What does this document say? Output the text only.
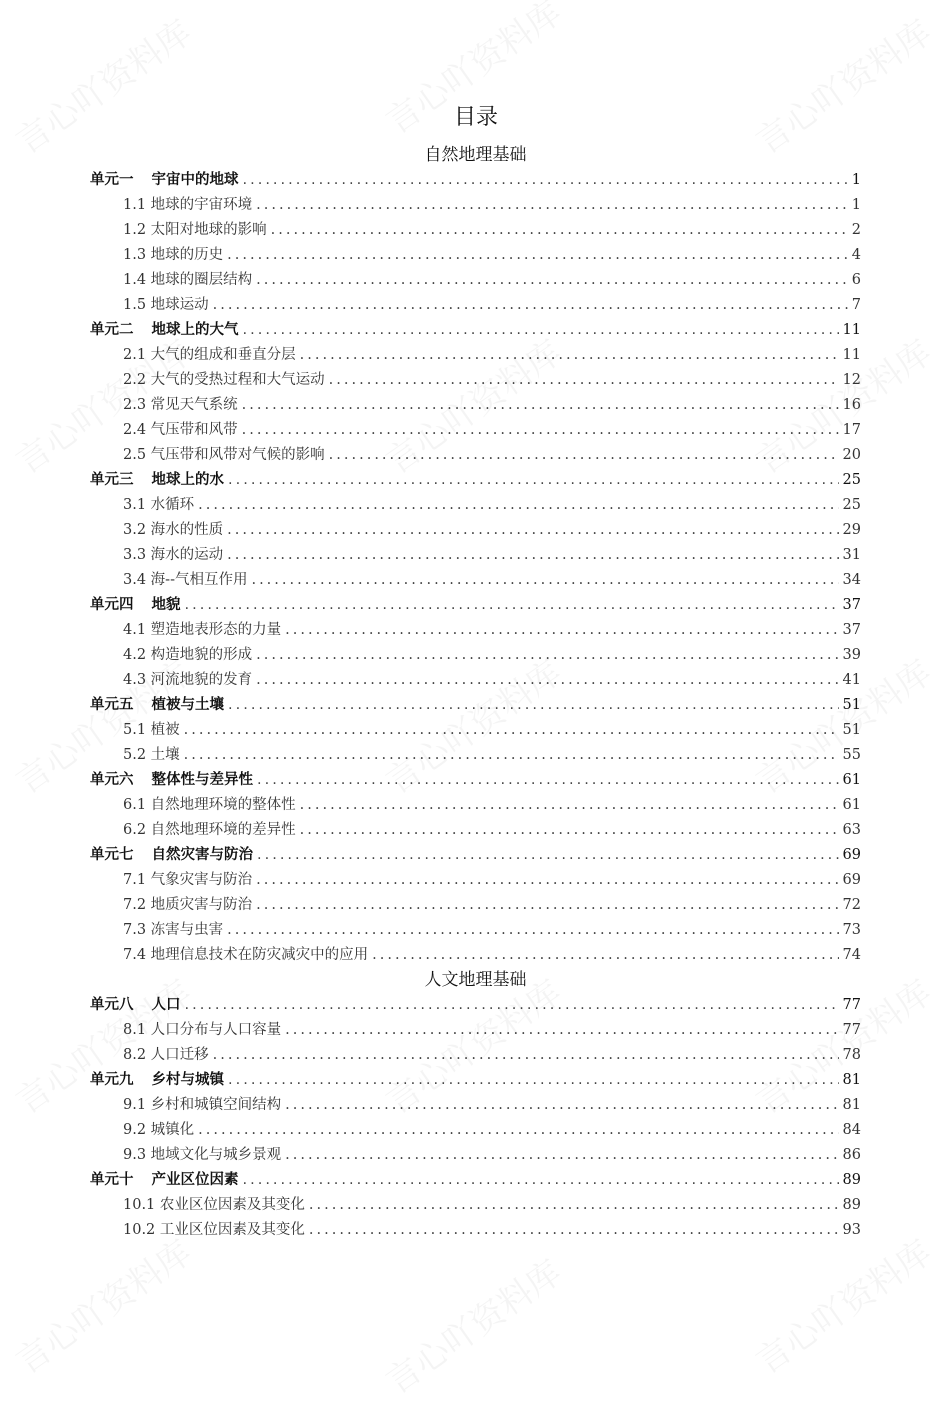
目录
自然地理基础
单元一 宇宙中的地球 .....	1
1.1 地球的宇宙环境 .....	1
1.2 太阳对地球的影响 .....	2
1.3 地球的历史 .....	4
1.4 地球的圈层结构 .....	6
1.5 地球运动 .....	7
单元二 地球上的大气 .....	11
2.1 大气的组成和垂直分层 .....	11
2.2 大气的受热过程和大气运动 .....	12
2.3 常见天气系统 .....	16
2.4 气压带和风带 .....	17
2.5 气压带和风带对气候的影响 .....	20
单元三 地球上的水 .....	25
3.1 水循环 .....	25
3.2 海水的性质 .....	29
3.3 海水的运动 .....	31
3.4 海--气相互作用 .....	34
单元四 地貌 .....	37
4.1 塑造地表形态的力量 .....	37
4.2 构造地貌的形成 .....	39
4.3 河流地貌的发育 .....	41
单元五 植被与土壤 .....	51
5.1 植被 .....	51
5.2 土壤 .....	55
单元六 整体性与差异性 .....	61
6.1 自然地理环境的整体性 .....	61
6.2 自然地理环境的差异性 .....	63
单元七 自然灾害与防治 .....	69
7.1 气象灾害与防治 .....	69
7.2 地质灾害与防治 .....	72
7.3 冻害与虫害 .....	73
7.4 地理信息技术在防灾减灾中的应用 .....	74
人文地理基础
单元八 人口 .....	77
8.1 人口分布与人口容量 .....	77
8.2 人口迁移 .....	78
单元九 乡村与城镇 .....	81
9.1 乡村和城镇空间结构 .....	81
9.2 城镇化 .....	84
9.3 地域文化与城乡景观 .....	86
单元十 产业区位因素 .....	89
10.1 农业区位因素及其变化 .....	89
10.2 工业区位因素及其变化 .....	93
